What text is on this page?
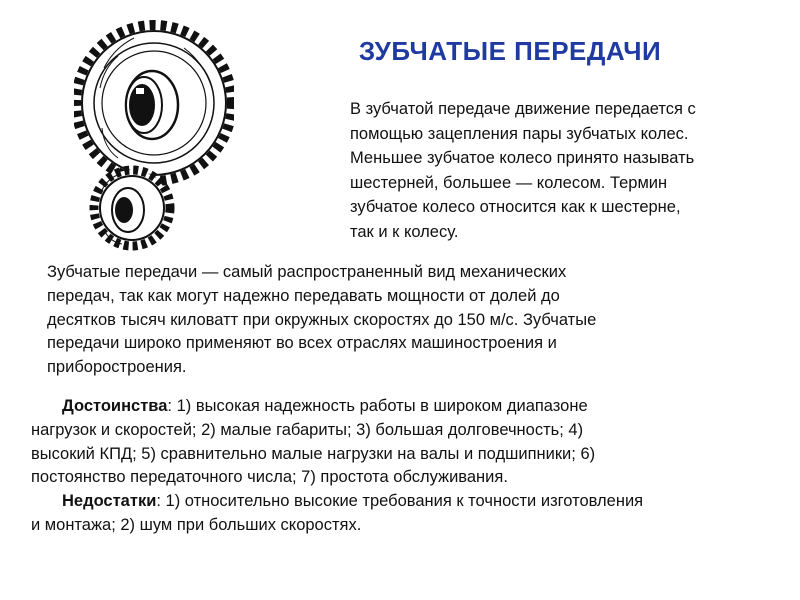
ЗУБЧАТЫЕ ПЕРЕДАЧИ
В зубчатой передаче движение передается с
помощью зацепления пары зубчатых колес.
Меньшее зубчатое колесо принято называть
шестерней, большее — колесом. Термин
зубчатое колесо относится как к шестерне,
так и к колесу.
Зубчатые передачи — самый распространенный вид механических
передач, так как могут надежно передавать мощности от долей до
десятков тысяч киловатт при окружных скоростях до 150 м/с. Зубчатые
передачи широко применяют во всех отраслях машиностроения и
приборостроения.
Достоинства: 1) высокая надежность работы в широком диапазоне
нагрузок и скоростей; 2) малые габариты; 3) большая долговечность; 4)
высокий КПД; 5) сравнительно малые нагрузки на валы и подшипники; 6)
постоянство передаточного числа; 7) простота обслуживания.
Недостатки: 1) относительно высокие требования к точности изготовления
и монтажа; 2) шум при больших скоростях.
